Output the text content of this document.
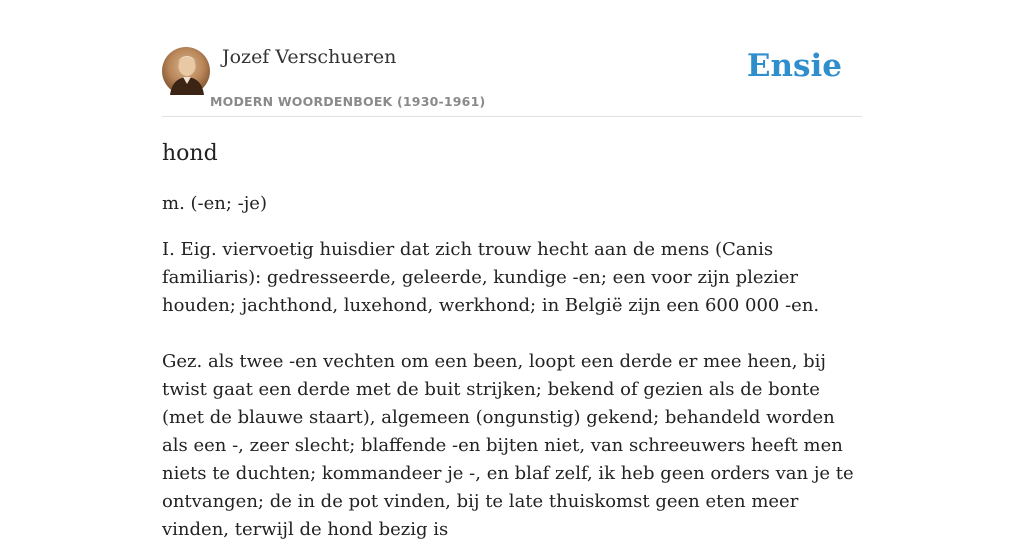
Jozef Verschueren
MODERN WOORDENBOEK (1930-1961)
Ensie
hond

m. (-en; -je)

I. Eig. viervoetig huisdier dat zich trouw hecht aan de mens (Canis familiaris): gedresseerde, geleerde, kundige -en; een voor zijn plezier houden; jachthond, luxehond, werkhond; in België zijn een 600 000 -en.

Gez. als twee -en vechten om een been, loopt een derde er mee heen, bij twist gaat een derde met de buit strijken; bekend of gezien als de bonte (met de blauwe staart), algemeen (ongunstig) gekend; behandeld worden als een -, zeer slecht; blaffende -en bijten niet, van schreeuwers heeft men niets te duchten; kommandeer je -, en blaf zelf, ik heb geen orders van je te ontvangen; de in de pot vinden, bij te late thuiskomst geen eten meer vinden, terwijl de hond bezig is
